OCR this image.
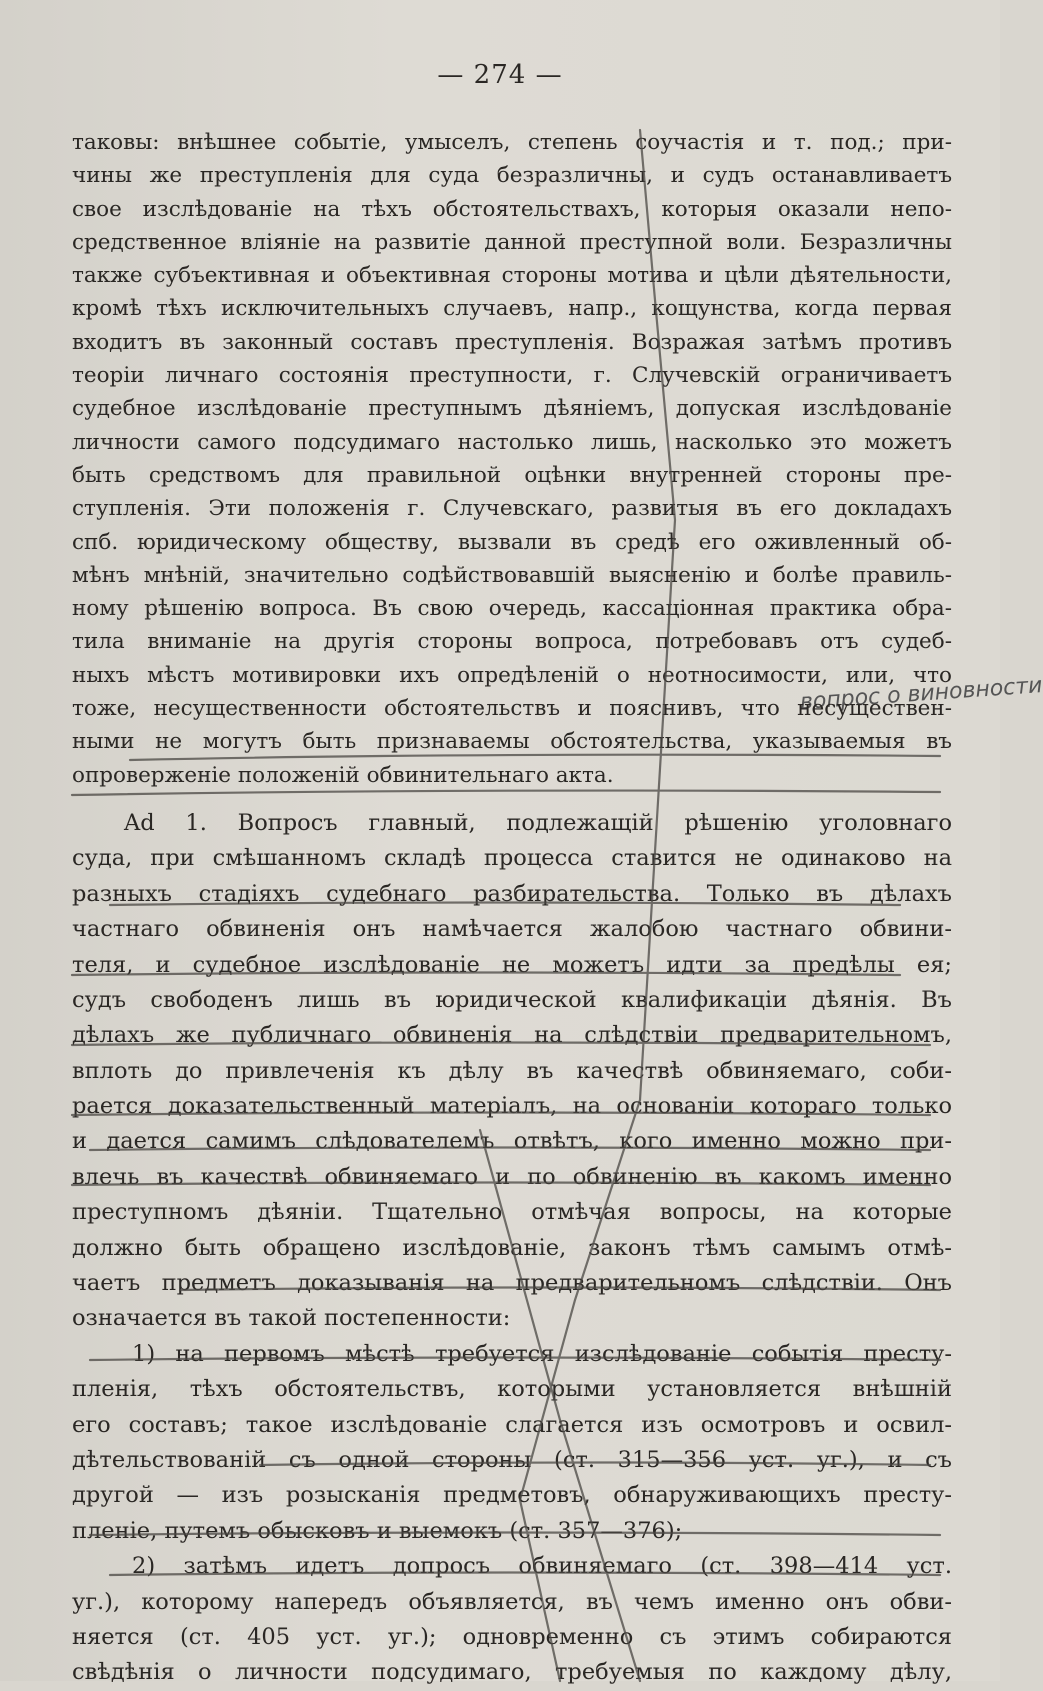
— 274 —
вопрос о виновности
таковы: внѣшнее событіе, умыселъ, степень соучастія и т. под.; при-
чины же преступленія для суда безразличны, и судъ останавливаетъ
свое изслѣдованіе на тѣхъ обстоятельствахъ, которыя оказали непо-
средственное вліяніе на развитіе данной преступной воли. Безразличны
также субъективная и объективная стороны мотива и цѣли дѣятельности,
кромѣ тѣхъ исключительныхъ случаевъ, напр., кощунства, когда первая
входитъ въ законный составъ преступленія. Возражая затѣмъ противъ
теоріи личнаго состоянія преступности, г. Случевскій ограничиваетъ
судебное изслѣдованіе преступнымъ дѣяніемъ, допуская изслѣдованіе
личности самого подсудимаго настолько лишь, насколько это можетъ
быть средствомъ для правильной оцѣнки внутренней стороны пре-
ступленія. Эти положенія г. Случевскаго, развитыя въ его докладахъ
спб. юридическому обществу, вызвали въ средѣ его оживленный об-
мѣнъ мнѣній, значительно содѣйствовавшій выясненію и болѣе правиль-
ному рѣшенію вопроса. Въ свою очередь, кассаціонная практика обра-
тила вниманіе на другія стороны вопроса, потребовавъ отъ судеб-
ныхъ мѣстъ мотивировки ихъ опредѣленій о неотносимости, или, что
тоже, несущественности обстоятельствъ и пояснивъ, что несуществен-
ными не могутъ быть признаваемы обстоятельства, указываемыя въ
опроверженіе положеній обвинительнаго акта.
Ad 1. Вопросъ главный, подлежащій рѣшенію уголовнаго
суда, при смѣшанномъ складѣ процесса ставится не одинаково на
разныхъ стадіяхъ судебнаго разбирательства. Только въ дѣлахъ
частнаго обвиненія онъ намѣчается жалобою частнаго обвини-
теля, и судебное изслѣдованіе не можетъ идти за предѣлы ея;
судъ свободенъ лишь въ юридической квалификаціи дѣянія. Въ
дѣлахъ же публичнаго обвиненія на слѣдствіи предварительномъ,
вплоть до привлеченія къ дѣлу въ качествѣ обвиняемаго, соби-
рается доказательственный матеріалъ, на основаніи котораго только
и дается самимъ слѣдователемъ отвѣтъ, кого именно можно при-
влечь въ качествѣ обвиняемаго и по обвиненію въ какомъ именно
преступномъ дѣяніи. Тщательно отмѣчая вопросы, на которые
должно быть обращено изслѣдованіе, законъ тѣмъ самымъ отмѣ-
чаетъ предметъ доказыванія на предварительномъ слѣдствіи. Онъ
означается въ такой постепенности:
1) на первомъ мѣстѣ требуется изслѣдованіе событія престу-
пленія, тѣхъ обстоятельствъ, которыми установляется внѣшній
его составъ; такое изслѣдованіе слагается изъ осмотровъ и освил-
дѣтельствованій съ одной стороны (ст. 315—356 уст. уг.), и съ
другой — изъ розысканія предметовъ, обнаруживающихъ престу-
пленіе, путемъ обысковъ и выемокъ (ст. 357—376);
2) затѣмъ идетъ допросъ обвиняемаго (ст. 398—414 уст.
уг.), которому напередъ объявляется, въ чемъ именно онъ обви-
няется (ст. 405 уст. уг.); одновременно съ этимъ собираются
свѣдѣнія о личности подсудимаго, требуемыя по каждому дѣлу,
